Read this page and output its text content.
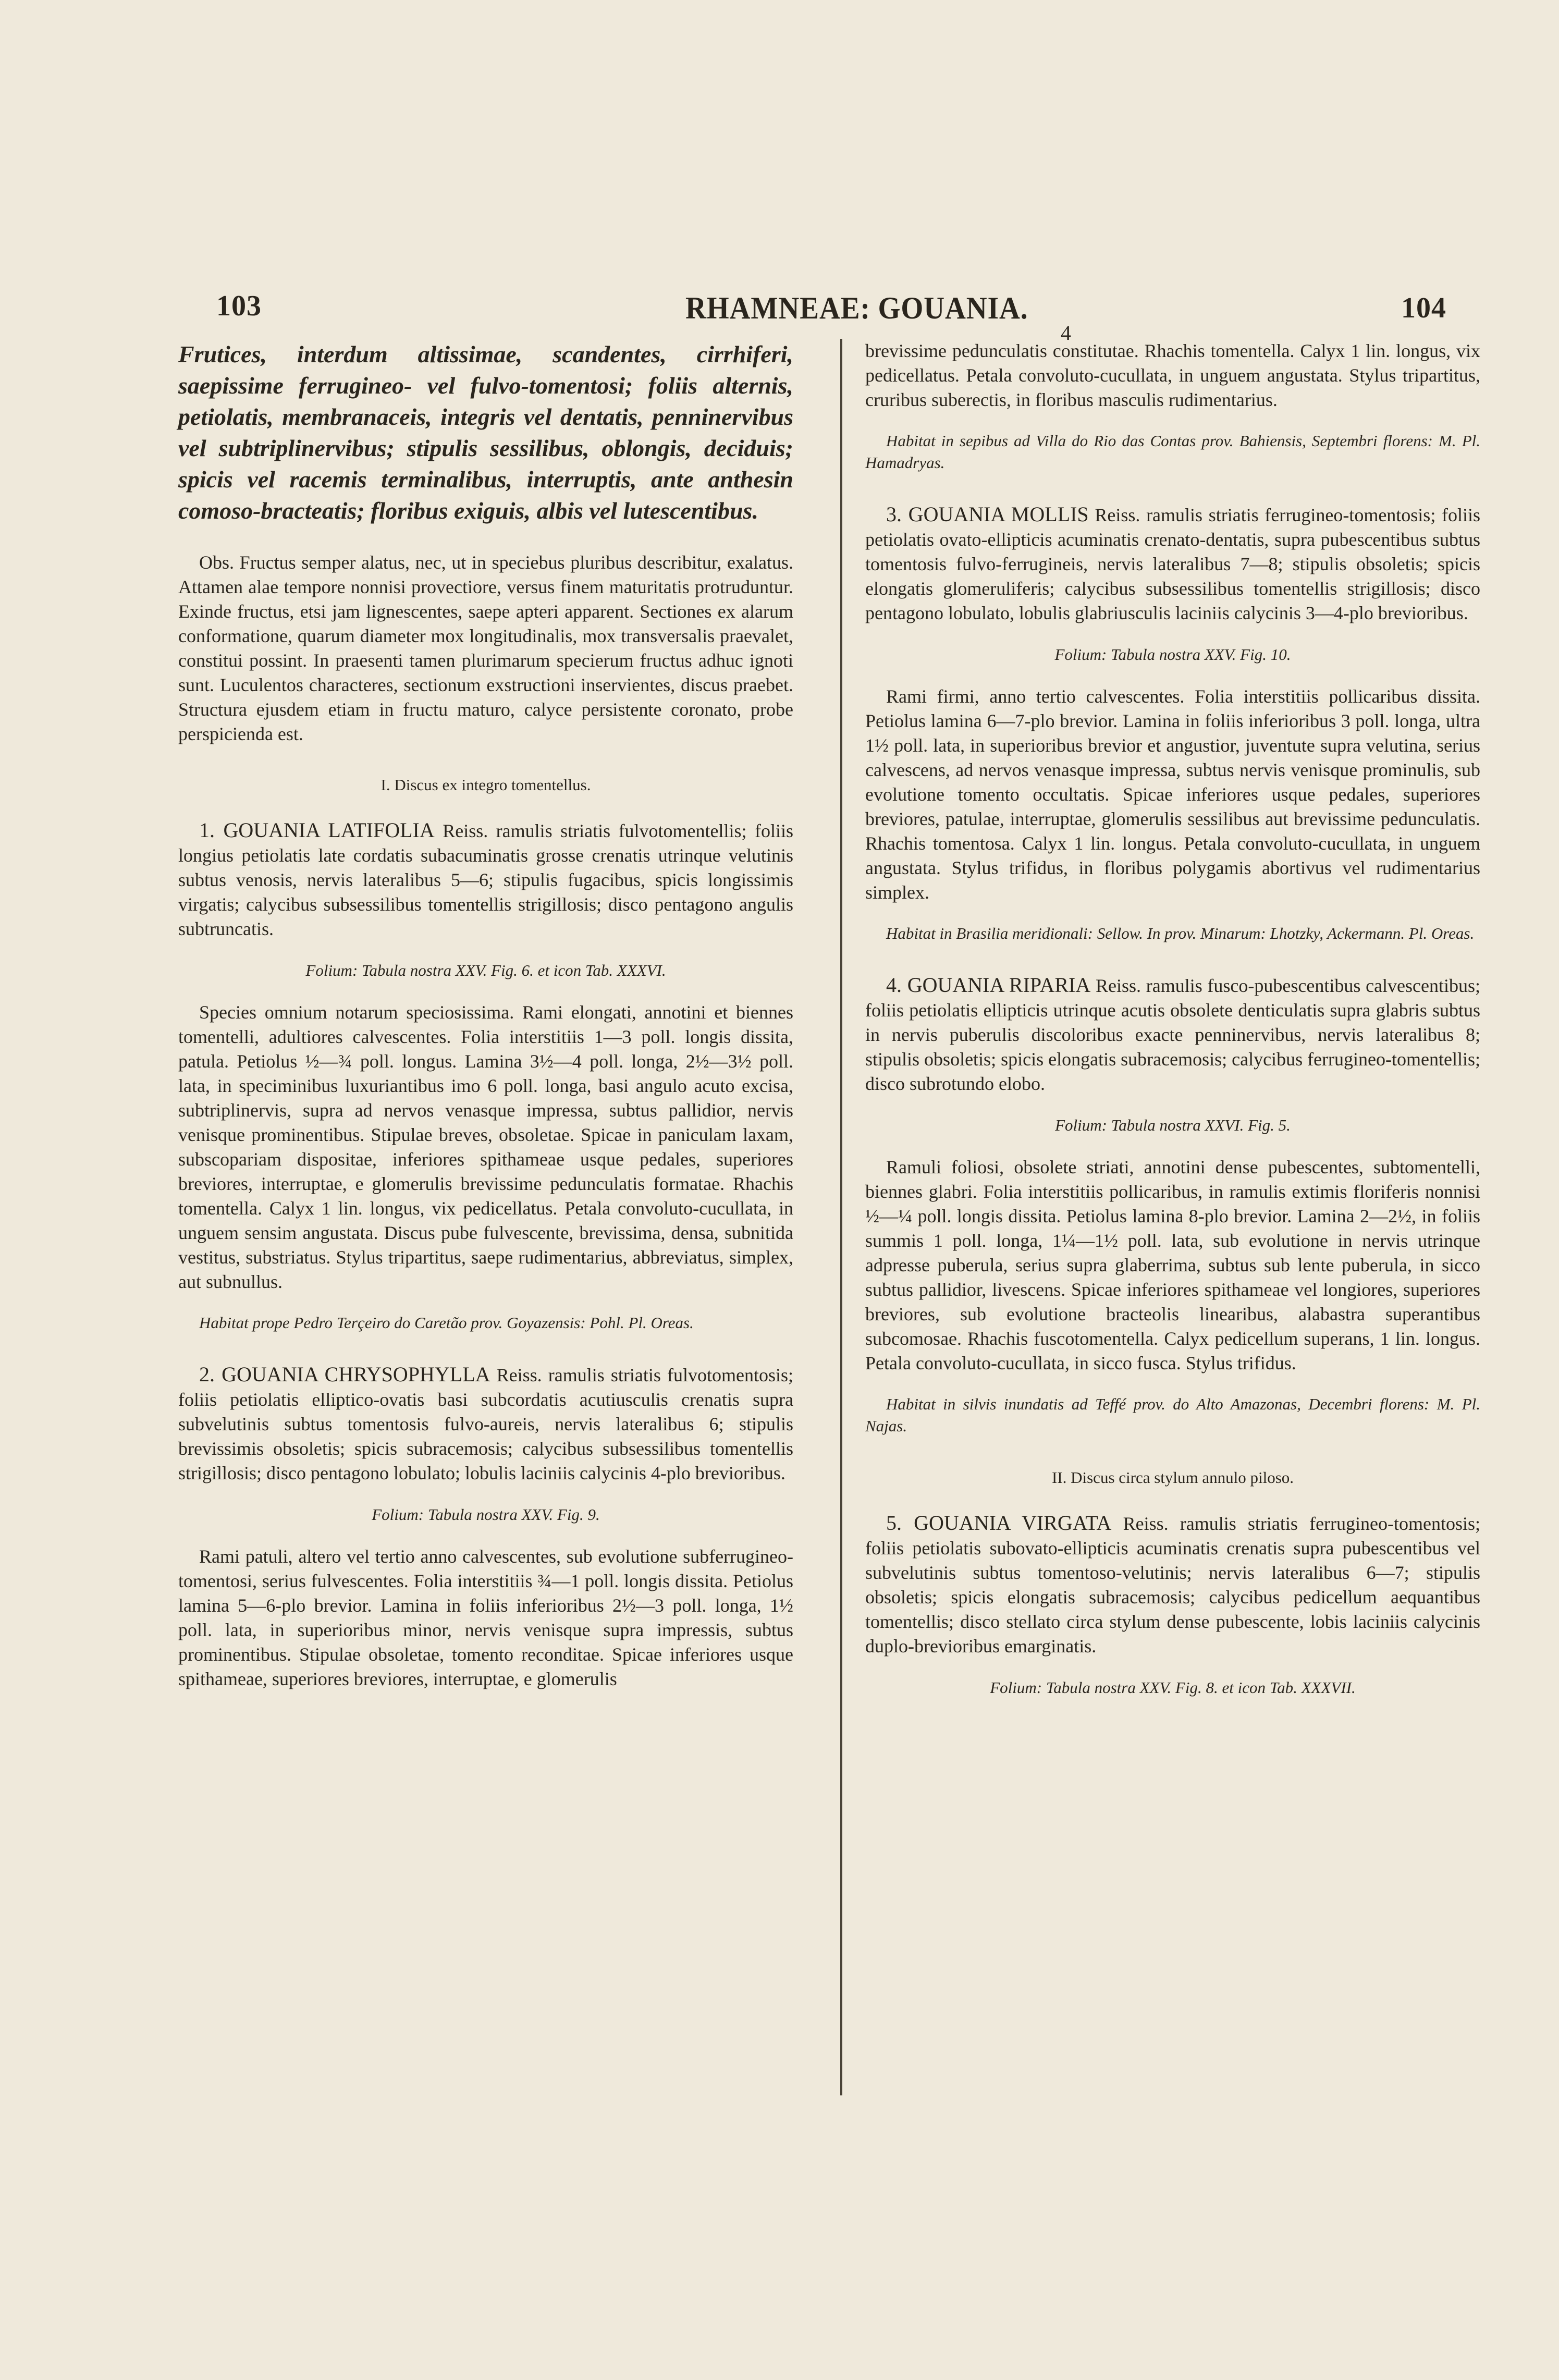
103	RHAMNEAE: GOUANIA.
4
104

Frutices, interdum altissimae, scandentes, cirrhiferi, saepissime ferrugineo- vel fulvo-tomentosi; foliis alternis, petiolatis, membranaceis, integris vel dentatis, penninervibus vel subtriplinervibus; stipulis sessilibus, oblongis, deciduis; spicis vel racemis terminalibus, interruptis, ante anthesin comoso-bracteatis; floribus exiguis, albis vel lutescentibus.

Obs. Fructus semper alatus, nec, ut in speciebus pluribus describitur, exalatus. Attamen alae tempore nonnisi provectiore, versus finem maturitatis protruduntur. Exinde fructus, etsi jam lignescentes, saepe apteri apparent. Sectiones ex alarum conformatione, quarum diameter mox longitudinalis, mox transversalis praevalet, constitui possint. In praesenti tamen plurimarum specierum fructus adhuc ignoti sunt. Luculentos characteres, sectionum exstructioni inservientes, discus praebet. Structura ejusdem etiam in fructu maturo, calyce persistente coronato, probe perspicienda est.

I. Discus ex integro tomentellus.

1. GOUANIA LATIFOLIA Reiss. ramulis striatis fulvotomentellis; foliis longius petiolatis late cordatis subacuminatis grosse crenatis utrinque velutinis subtus venosis, nervis lateralibus 5—6; stipulis fugacibus, spicis longissimis virgatis; calycibus subsessilibus tomentellis strigillosis; disco pentagono angulis subtruncatis.

Folium: Tabula nostra XXV. Fig. 6. et icon Tab. XXXVI.

Species omnium notarum speciosissima. Rami elongati, annotini et biennes tomentelli, adultiores calvescentes. Folia interstitiis 1—3 poll. longis dissita, patula. Petiolus ½—¾ poll. longus. Lamina 3½—4 poll. longa, 2½—3½ poll. lata, in speciminibus luxuriantibus imo 6 poll. longa, basi angulo acuto excisa, subtriplinervis, supra ad nervos venasque impressa, subtus pallidior, nervis venisque prominentibus. Stipulae breves, obsoletae. Spicae in paniculam laxam, subscopariam dispositae, inferiores spithameae usque pedales, superiores breviores, interruptae, e glomerulis brevissime pedunculatis formatae. Rhachis tomentella. Calyx 1 lin. longus, vix pedicellatus. Petala convoluto-cucullata, in unguem sensim angustata. Discus pube fulvescente, brevissima, densa, subnitida vestitus, substriatus. Stylus tripartitus, saepe rudimentarius, abbreviatus, simplex, aut subnullus.

Habitat prope Pedro Terçeiro do Caretão prov. Goyazensis: Pohl. Pl. Oreas.

2. GOUANIA CHRYSOPHYLLA Reiss. ramulis striatis fulvotomentosis; foliis petiolatis elliptico-ovatis basi subcordatis acutiusculis crenatis supra subvelutinis subtus tomentosis fulvo-aureis, nervis lateralibus 6; stipulis brevissimis obsoletis; spicis subracemosis; calycibus subsessilibus tomentellis strigillosis; disco pentagono lobulato; lobulis laciniis calycinis 4-plo brevioribus.

Folium: Tabula nostra XXV. Fig. 9.

Rami patuli, altero vel tertio anno calvescentes, sub evolutione subferrugineo-tomentosi, serius fulvescentes. Folia interstitiis ¾—1 poll. longis dissita. Petiolus lamina 5—6-plo brevior. Lamina in foliis inferioribus 2½—3 poll. longa, 1½ poll. lata, in superioribus minor, nervis venisque supra impressis, subtus prominentibus. Stipulae obsoletae, tomento reconditae. Spicae inferiores usque spithameae, superiores breviores, interruptae, e glomerulis

brevissime pedunculatis constitutae. Rhachis tomentella. Calyx 1 lin. longus, vix pedicellatus. Petala convoluto-cucullata, in unguem angustata. Stylus tripartitus, cruribus suberectis, in floribus masculis rudimentarius.

Habitat in sepibus ad Villa do Rio das Contas prov. Bahiensis, Septembri florens: M. Pl. Hamadryas.

3. GOUANIA MOLLIS Reiss. ramulis striatis ferrugineo-tomentosis; foliis petiolatis ovato-ellipticis acuminatis crenato-dentatis, supra pubescentibus subtus tomentosis fulvo-ferrugineis, nervis lateralibus 7—8; stipulis obsoletis; spicis elongatis glomeruliferis; calycibus subsessilibus tomentellis strigillosis; disco pentagono lobulato, lobulis glabriusculis laciniis calycinis 3—4-plo brevioribus.

Folium: Tabula nostra XXV. Fig. 10.

Rami firmi, anno tertio calvescentes. Folia interstitiis pollicaribus dissita. Petiolus lamina 6—7-plo brevior. Lamina in foliis inferioribus 3 poll. longa, ultra 1½ poll. lata, in superioribus brevior et angustior, juventute supra velutina, serius calvescens, ad nervos venasque impressa, subtus nervis venisque prominulis, sub evolutione tomento occultatis. Spicae inferiores usque pedales, superiores breviores, patulae, interruptae, glomerulis sessilibus aut brevissime pedunculatis. Rhachis tomentosa. Calyx 1 lin. longus. Petala convoluto-cucullata, in unguem angustata. Stylus trifidus, in floribus polygamis abortivus vel rudimentarius simplex.

Habitat in Brasilia meridionali: Sellow. In prov. Minarum: Lhotzky, Ackermann. Pl. Oreas.

4. GOUANIA RIPARIA Reiss. ramulis fusco-pubescentibus calvescentibus; foliis petiolatis ellipticis utrinque acutis obsolete denticulatis supra glabris subtus in nervis puberulis discoloribus exacte penninervibus, nervis lateralibus 8; stipulis obsoletis; spicis elongatis subracemosis; calycibus ferrugineo-tomentellis; disco subrotundo elobo.

Folium: Tabula nostra XXVI. Fig. 5.

Ramuli foliosi, obsolete striati, annotini dense pubescentes, subtomentelli, biennes glabri. Folia interstitiis pollicaribus, in ramulis extimis floriferis nonnisi ½—¼ poll. longis dissita. Petiolus lamina 8-plo brevior. Lamina 2—2½, in foliis summis 1 poll. longa, 1¼—1½ poll. lata, sub evolutione in nervis utrinque adpresse puberula, serius supra glaberrima, subtus sub lente puberula, in sicco subtus pallidior, livescens. Spicae inferiores spithameae vel longiores, superiores breviores, sub evolutione bracteolis linearibus, alabastra superantibus subcomosae. Rhachis fuscotomentella. Calyx pedicellum superans, 1 lin. longus. Petala convoluto-cucullata, in sicco fusca. Stylus trifidus.

Habitat in silvis inundatis ad Teffé prov. do Alto Amazonas, Decembri florens: M. Pl. Najas.

II. Discus circa stylum annulo piloso.

5. GOUANIA VIRGATA Reiss. ramulis striatis ferrugineo-tomentosis; foliis petiolatis subovato-ellipticis acuminatis crenatis supra pubescentibus vel subvelutinis subtus tomentoso-velutinis; nervis lateralibus 6—7; stipulis obsoletis; spicis elongatis subracemosis; calycibus pedicellum aequantibus tomentellis; disco stellato circa stylum dense pubescente, lobis laciniis calycinis duplo-brevioribus emarginatis.

Folium: Tabula nostra XXV. Fig. 8. et icon Tab. XXXVII.
